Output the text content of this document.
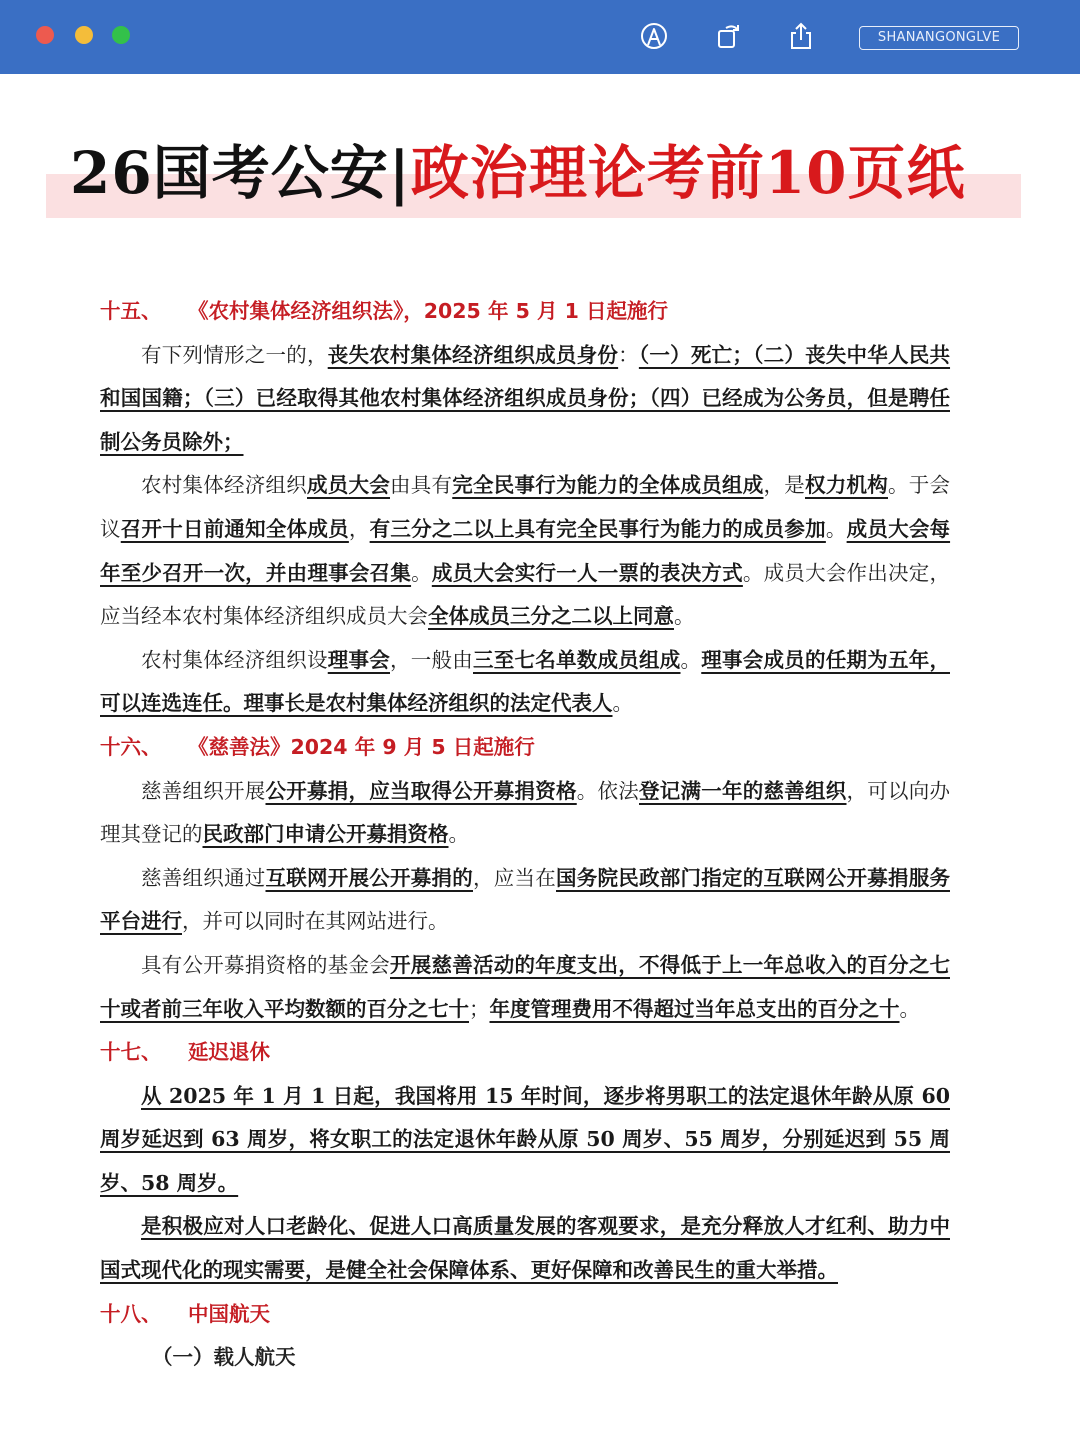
SHANANGONGLVE
26国考公安|政治理论考前10页纸
十五、 《农村集体经济组织法》，2025 年 5 月 1 日起施行

有下列情形之一的，丧失农村集体经济组织成员身份：（一）死亡；（二）丧失中华人民共和国国籍；（三）已经取得其他农村集体经济组织成员身份；（四）已经成为公务员，但是聘任制公务员除外；

农村集体经济组织成员大会由具有完全民事行为能力的全体成员组成，是权力机构。于会议召开十日前通知全体成员，有三分之二以上具有完全民事行为能力的成员参加。成员大会每年至少召开一次，并由理事会召集。成员大会实行一人一票的表决方式。成员大会作出决定，应当经本农村集体经济组织成员大会全体成员三分之二以上同意。

农村集体经济组织设理事会，一般由三至七名单数成员组成。理事会成员的任期为五年，可以连选连任。理事长是农村集体经济组织的法定代表人。

十六、 《慈善法》2024 年 9 月 5 日起施行

慈善组织开展公开募捐，应当取得公开募捐资格。依法登记满一年的慈善组织，可以向办理其登记的民政部门申请公开募捐资格。

慈善组织通过互联网开展公开募捐的，应当在国务院民政部门指定的互联网公开募捐服务平台进行，并可以同时在其网站进行。

具有公开募捐资格的基金会开展慈善活动的年度支出，不得低于上一年总收入的百分之七十或者前三年收入平均数额的百分之七十；年度管理费用不得超过当年总支出的百分之十。

十七、 延迟退休

从 2025 年 1 月 1 日起，我国将用 15 年时间，逐步将男职工的法定退休年龄从原 60 周岁延迟到 63 周岁，将女职工的法定退休年龄从原 50 周岁、55 周岁，分别延迟到 55 周岁、58 周岁。

是积极应对人口老龄化、促进人口高质量发展的客观要求，是充分释放人才红利、助力中国式现代化的现实需要，是健全社会保障体系、更好保障和改善民生的重大举措。

十八、 中国航天

（一）载人航天
